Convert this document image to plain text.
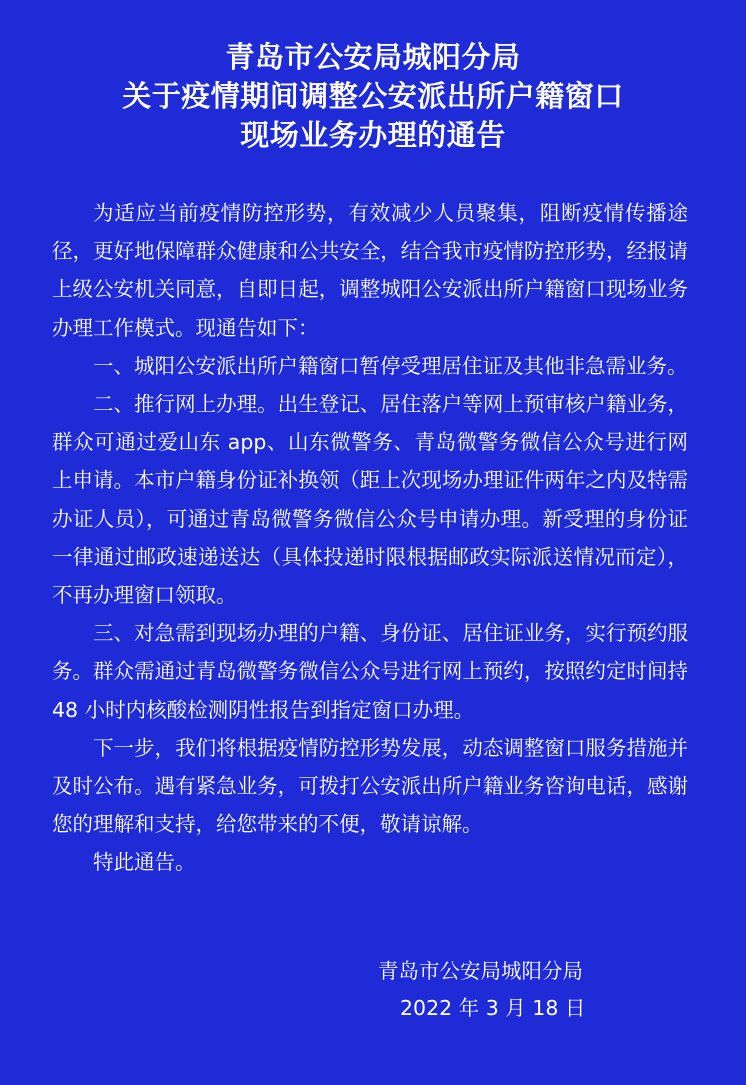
青岛市公安局城阳分局
关于疫情期间调整公安派出所户籍窗口
现场业务办理的通告

为适应当前疫情防控形势，有效减少人员聚集，阻断疫情传播途径，更好地保障群众健康和公共安全，结合我市疫情防控形势，经报请上级公安机关同意，自即日起，调整城阳公安派出所户籍窗口现场业务办理工作模式。现通告如下：

一、城阳公安派出所户籍窗口暂停受理居住证及其他非急需业务。

二、推行网上办理。出生登记、居住落户等网上预审核户籍业务，群众可通过爱山东 app、山东微警务、青岛微警务微信公众号进行网上申请。本市户籍身份证补换领（距上次现场办理证件两年之内及特需办证人员），可通过青岛微警务微信公众号申请办理。新受理的身份证一律通过邮政速递送达（具体投递时限根据邮政实际派送情况而定），不再办理窗口领取。

三、对急需到现场办理的户籍、身份证、居住证业务，实行预约服务。群众需通过青岛微警务微信公众号进行网上预约，按照约定时间持 48 小时内核酸检测阴性报告到指定窗口办理。

下一步，我们将根据疫情防控形势发展，动态调整窗口服务措施并及时公布。遇有紧急业务，可拨打公安派出所户籍业务咨询电话，感谢您的理解和支持，给您带来的不便，敬请谅解。

特此通告。

青岛市公安局城阳分局
2022 年 3 月 18 日
